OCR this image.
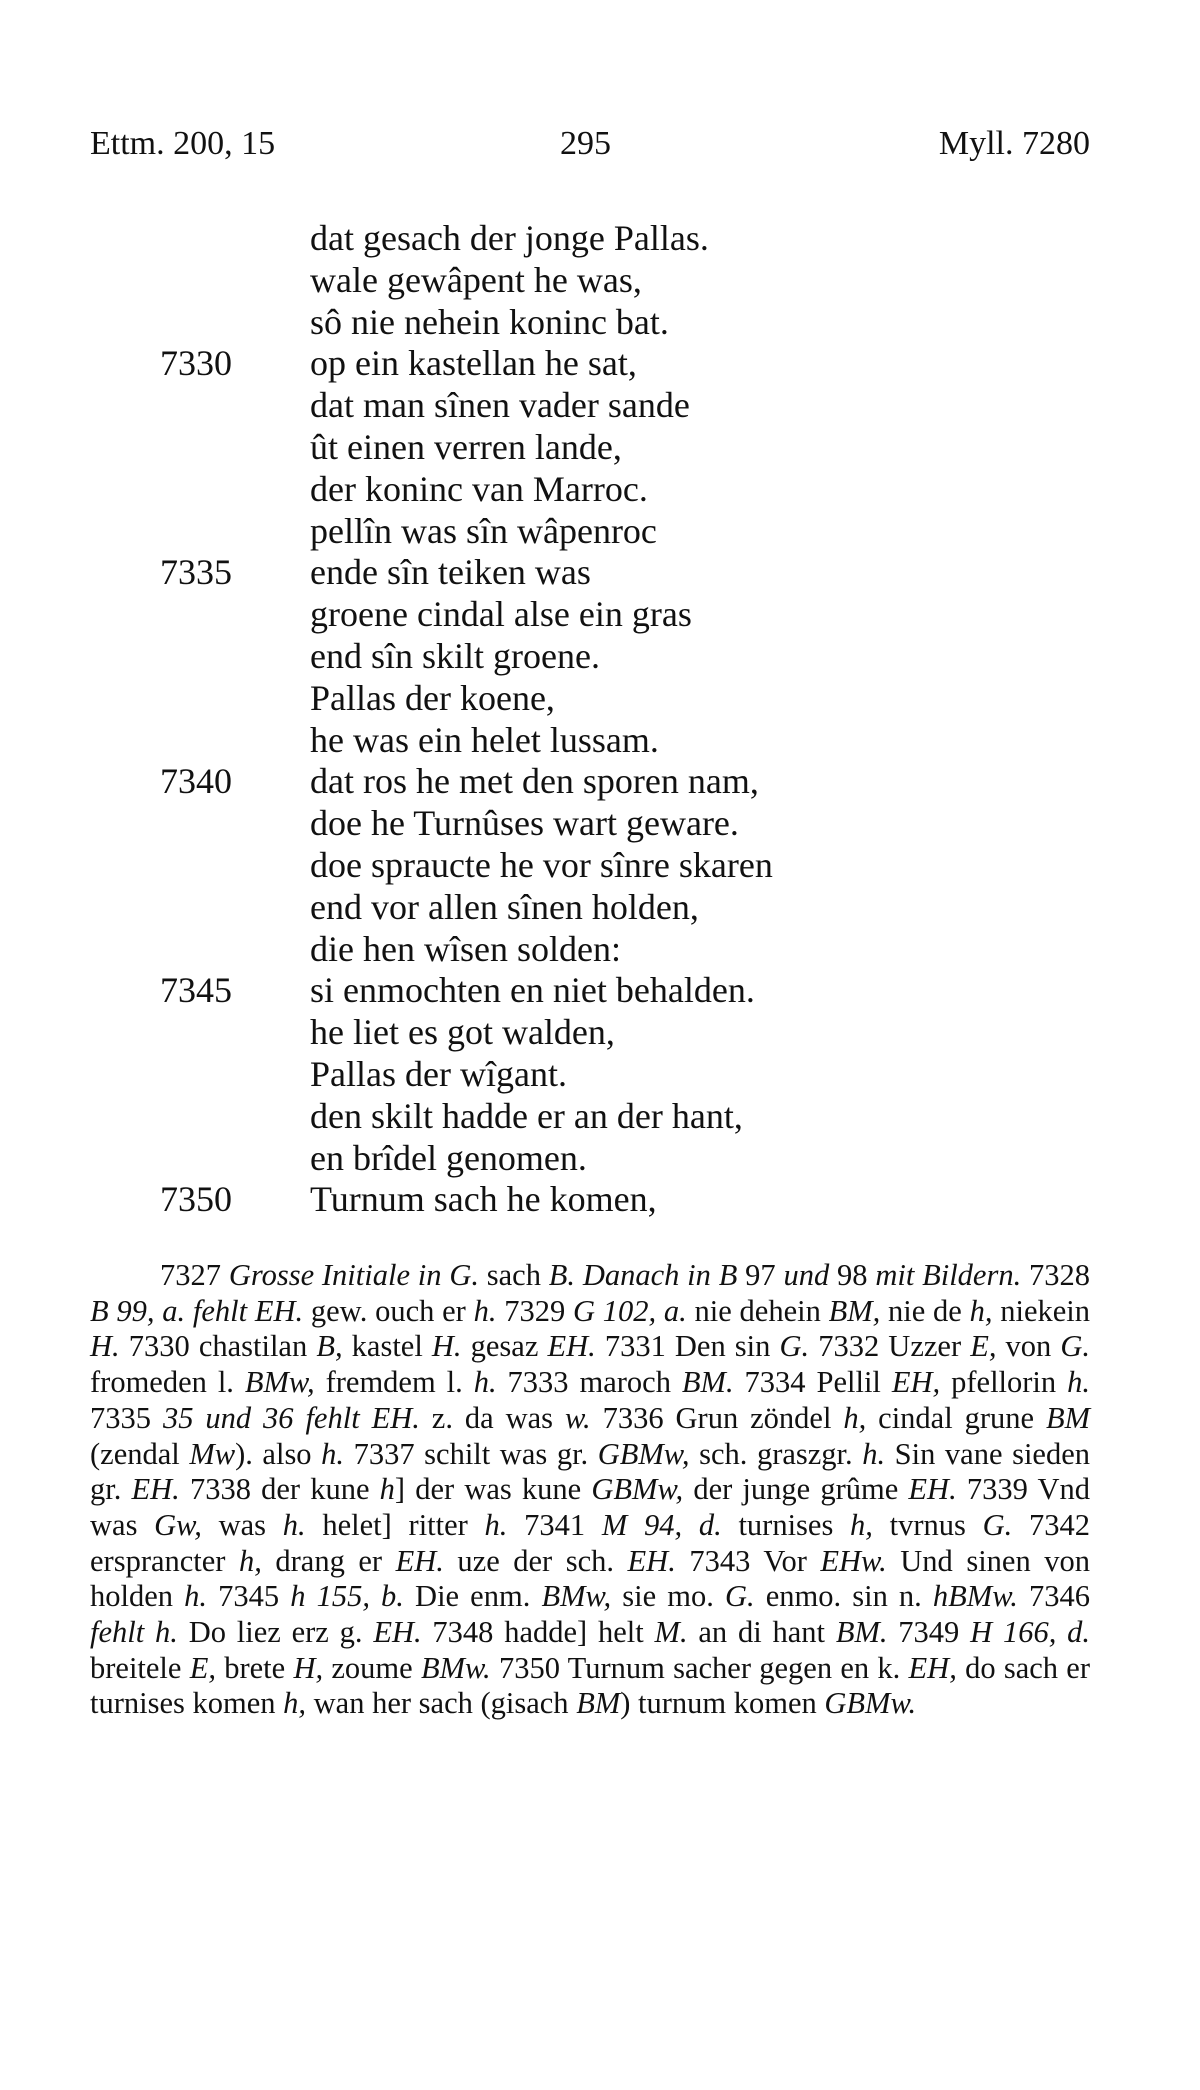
Ettm. 200, 15	295	Myll. 7280
dat gesach der jonge Pallas.
wale gewâpent he was,
sô nie nehein koninc bat.
7330	op ein kastellan he sat,
dat man sînen vader sande
ût einen verren lande,
der koninc van Marroc.
pellîn was sîn wâpenroc
7335	ende sîn teiken was
groene cindal alse ein gras
end sîn skilt groene.
Pallas der koene,
he was ein helet lussam.
7340	dat ros he met den sporen nam,
doe he Turnûses wart geware.
doe spraucte he vor sînre skaren
end vor allen sînen holden,
die hen wîsen solden:
7345	si enmochten en niet behalden.
he liet es got walden,
Pallas der wîgant.
den skilt hadde er an der hant,
en brîdel genomen.
7350	Turnum sach he komen,

7327 Grosse Initiale in G. sach B. Danach in B 97 und 98 mit Bildern. 7328 B 99, a. fehlt EH. gew. ouch er h. 7329 G 102, a. nie dehein BM, nie de h, niekein H. 7330 chastilan B, kastel H. gesaz EH. 7331 Den sin G. 7332 Uzzer E, von G. fromeden l. BMw, fremdem l. h. 7333 maroch BM. 7334 Pellil EH, pfellorin h. 7335 35 und 36 fehlt EH. z. da was w. 7336 Grun zöndel h, cindal grune BM (zendal Mw). also h. 7337 schilt was gr. GBMw, sch. graszgr. h. Sin vane sieden gr. EH. 7338 der kune h] der was kune GBMw, der junge grûme EH. 7339 Vnd was Gw, was h. helet] ritter h. 7341 M 94, d. turnises h, tvrnus G. 7342 ersprancter h, drang er EH. uze der sch. EH. 7343 Vor EHw. Und sinen von holden h. 7345 h 155, b. Die enm. BMw, sie mo. G. enmo. sin n. hBMw. 7346 fehlt h. Do liez erz g. EH. 7348 hadde] helt M. an di hant BM. 7349 H 166, d. breitele E, brete H, zoume BMw. 7350 Turnum sacher gegen en k. EH, do sach er turnises komen h, wan her sach (gisach BM) turnum komen GBMw.
